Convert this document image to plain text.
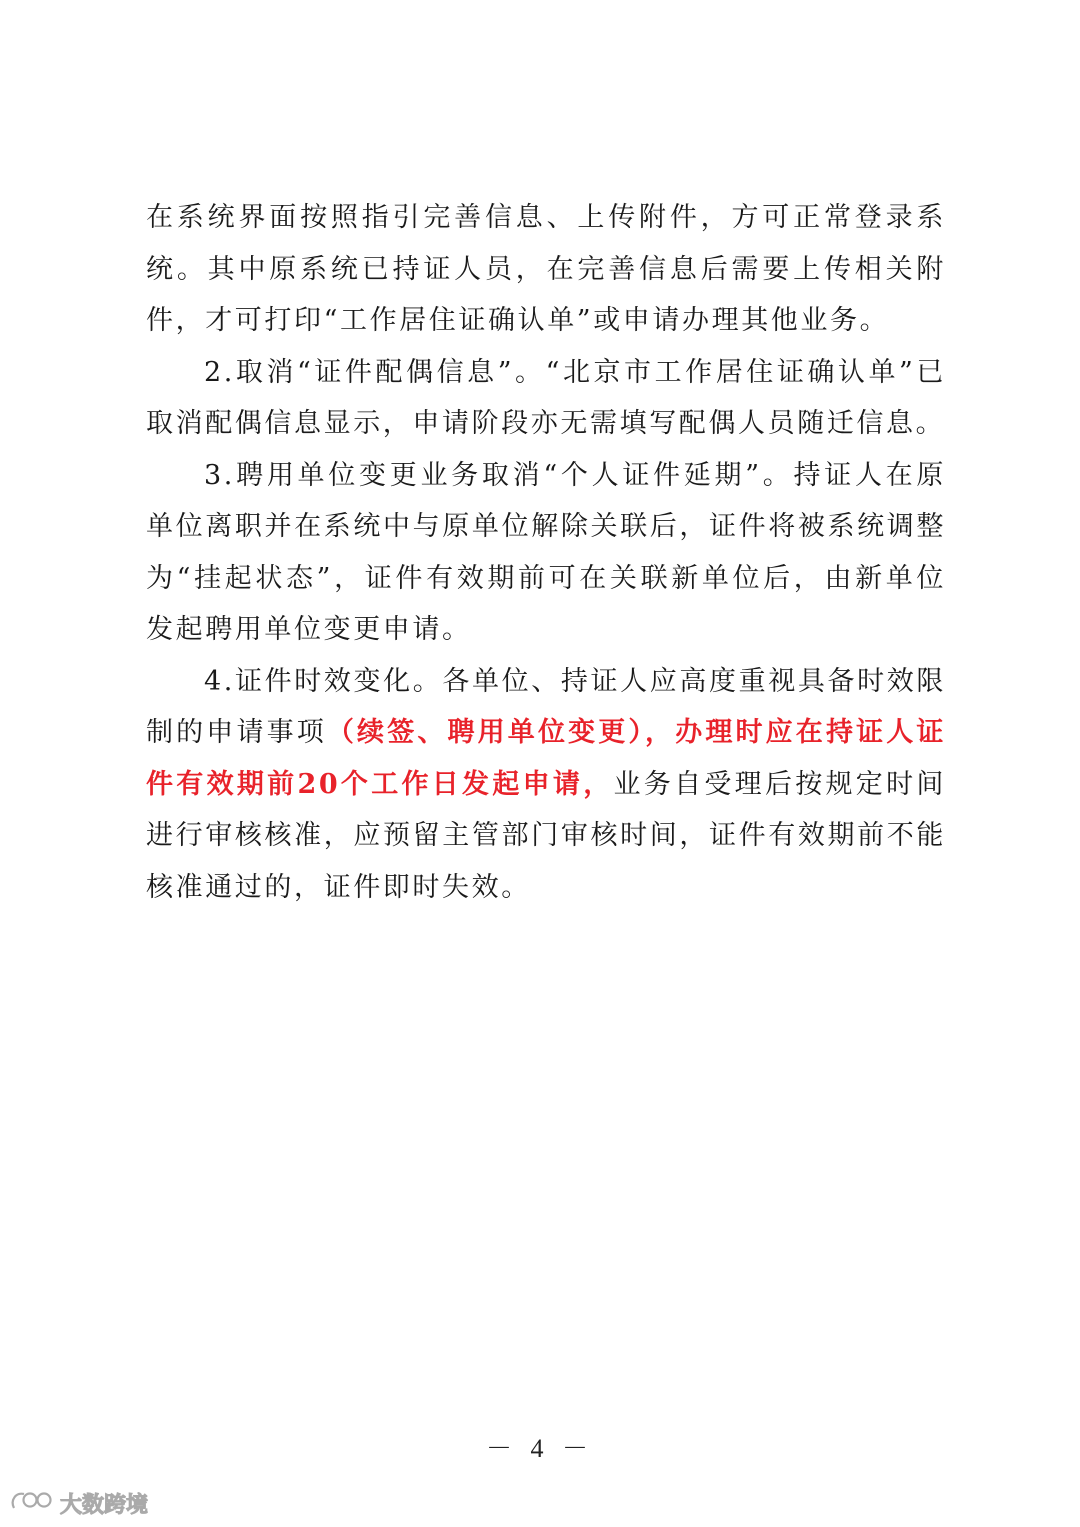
在系统界面按照指引完善信息、上传附件，方可正常登录系统。其中原系统已持证人员，在完善信息后需要上传相关附件，才可打印“工作居住证确认单”或申请办理其他业务。

2.取消“证件配偶信息”。“北京市工作居住证确认单”已取消配偶信息显示，申请阶段亦无需填写配偶人员随迁信息。

3.聘用单位变更业务取消“个人证件延期”。持证人在原单位离职并在系统中与原单位解除关联后，证件将被系统调整为“挂起状态”，证件有效期前可在关联新单位后，由新单位发起聘用单位变更申请。

4.证件时效变化。各单位、持证人应高度重视具备时效限制的申请事项（续签、聘用单位变更），办理时应在持证人证件有效期前20个工作日发起申请，业务自受理后按规定时间进行审核核准，应预留主管部门审核时间，证件有效期前不能核准通过的，证件即时失效。

－ 4 －
大数跨境
